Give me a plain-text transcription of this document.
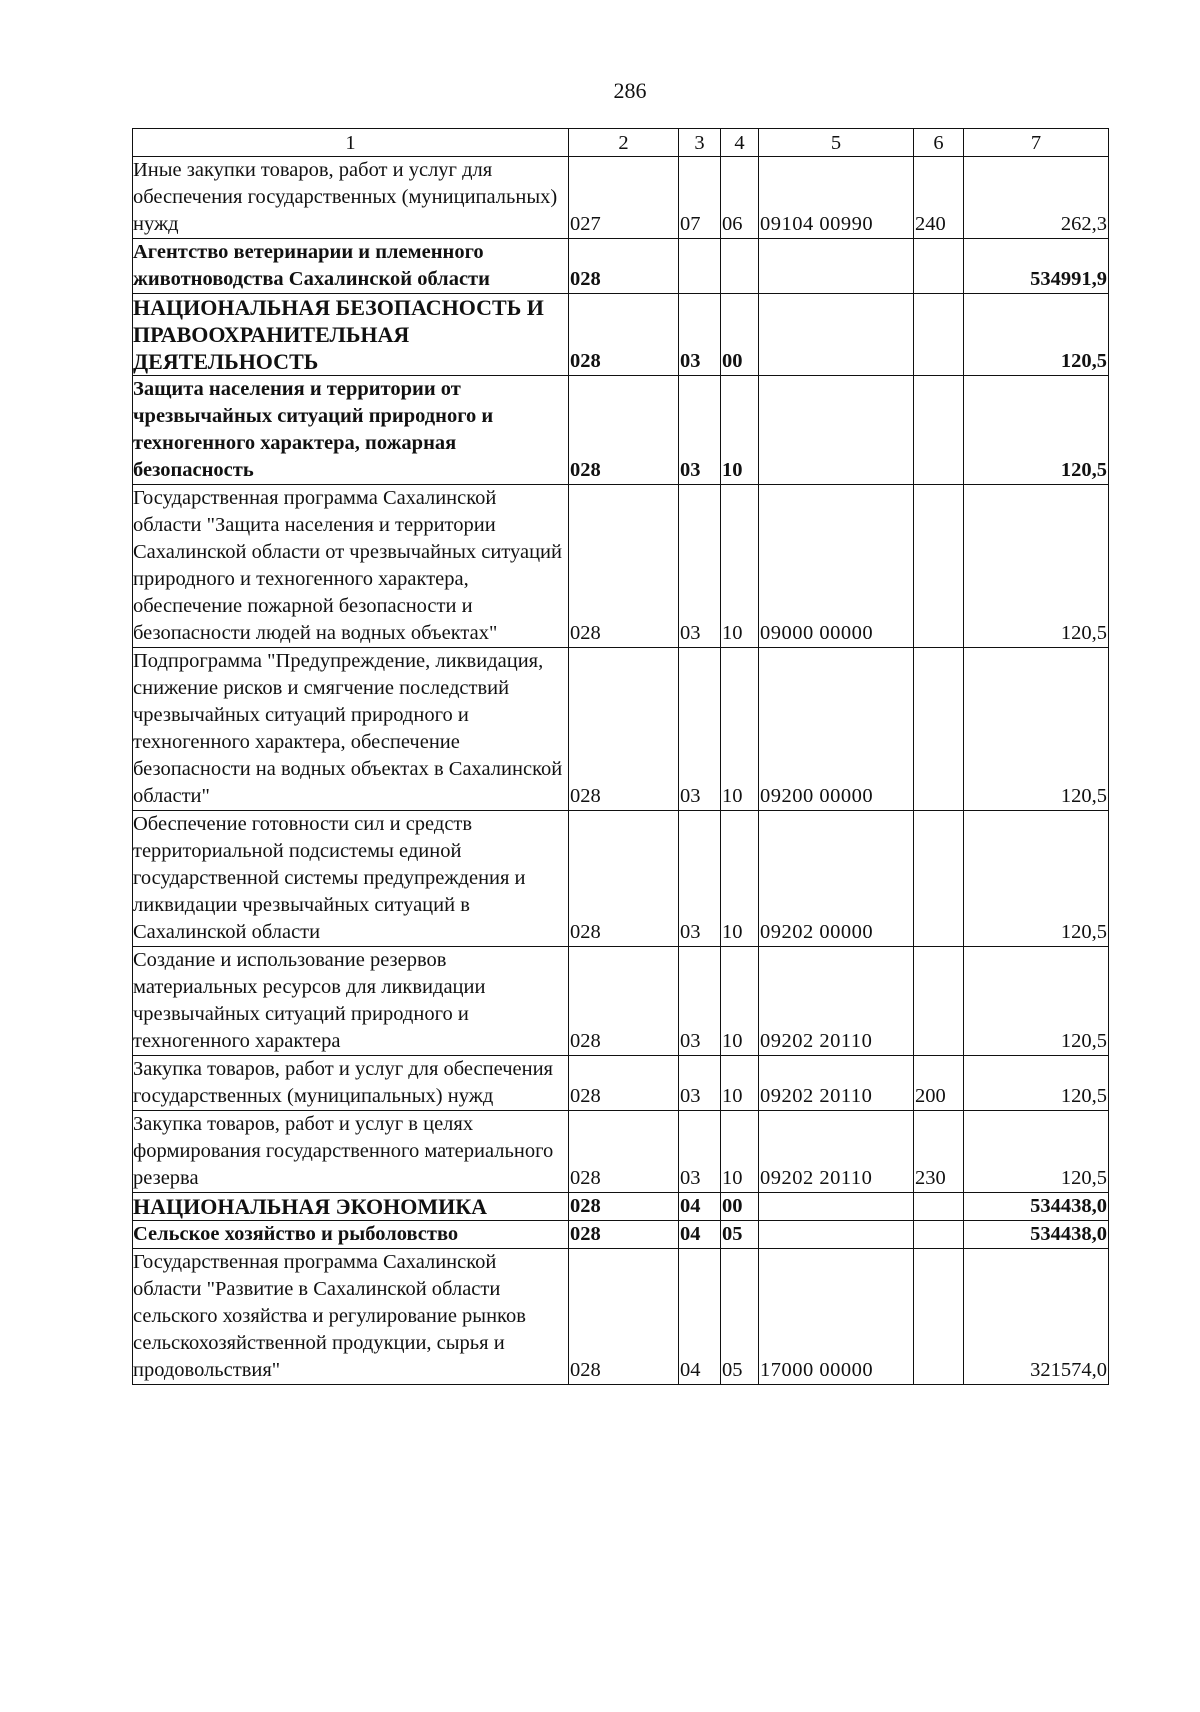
286
1	2	3	4	5	6	7
Иные закупки товаров, работ и услуг для обеспечения государственных (муниципальных) нужд	027	07	06	09104 00990	240	262,3
Агентство ветеринарии и племенного животноводства Сахалинской области	028					534991,9
НАЦИОНАЛЬНАЯ БЕЗОПАСНОСТЬ И ПРАВООХРАНИТЕЛЬНАЯ ДЕЯТЕЛЬНОСТЬ	028	03	00			120,5
Защита населения и территории от чрезвычайных ситуаций природного и техногенного характера, пожарная безопасность	028	03	10			120,5
Государственная программа Сахалинской области "Защита населения и территории Сахалинской области от чрезвычайных ситуаций природного и техногенного характера, обеспечение пожарной безопасности и безопасности людей на водных объектах"	028	03	10	09000 00000		120,5
Подпрограмма "Предупреждение, ликвидация, снижение рисков и смягчение последствий чрезвычайных ситуаций природного и техногенного характера, обеспечение безопасности на водных объектах в Сахалинской области"	028	03	10	09200 00000		120,5
Обеспечение готовности сил и средств территориальной подсистемы единой государственной системы предупреждения и ликвидации чрезвычайных ситуаций в Сахалинской области	028	03	10	09202 00000		120,5
Создание и использование резервов материальных ресурсов для ликвидации чрезвычайных ситуаций природного и техногенного характера	028	03	10	09202 20110		120,5
Закупка товаров, работ и услуг для обеспечения государственных (муниципальных) нужд	028	03	10	09202 20110	200	120,5
Закупка товаров, работ и услуг в целях формирования государственного материального резерва	028	03	10	09202 20110	230	120,5
НАЦИОНАЛЬНАЯ ЭКОНОМИКА	028	04	00			534438,0
Сельское хозяйство и рыболовство	028	04	05			534438,0
Государственная программа Сахалинской области "Развитие в Сахалинской области сельского хозяйства и регулирование рынков сельскохозяйственной продукции, сырья и продовольствия"	028	04	05	17000 00000		321574,0
